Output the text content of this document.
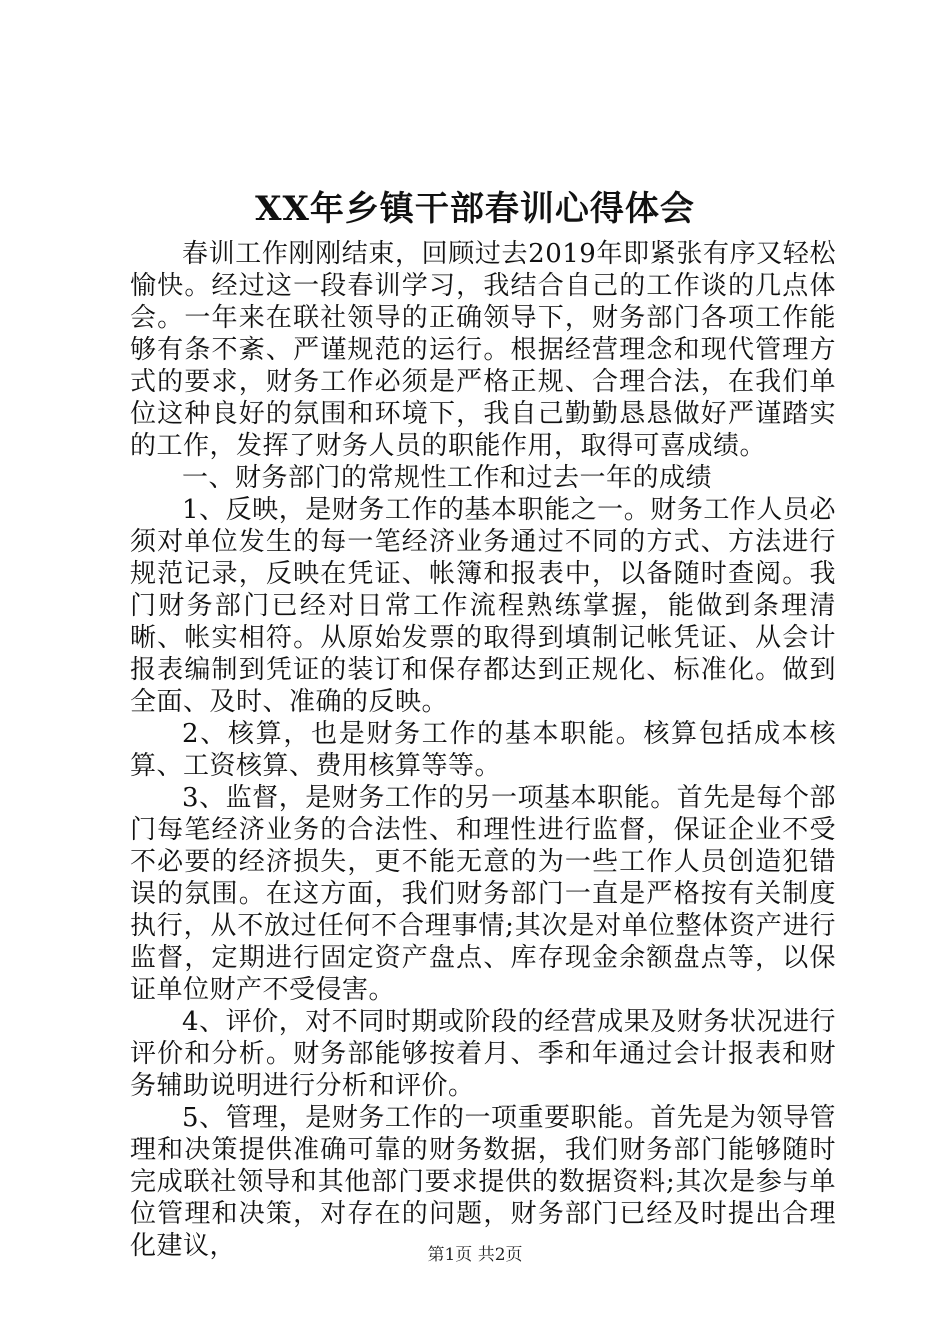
XX年乡镇干部春训心得体会

春训工作刚刚结束，回顾过去2019年即紧张有序又轻松愉快。经过这一段春训学习，我结合自己的工作谈的几点体会。一年来在联社领导的正确领导下，财务部门各项工作能够有条不紊、严谨规范的运行。根据经营理念和现代管理方式的要求，财务工作必须是严格正规、合理合法，在我们单位这种良好的氛围和环境下，我自己勤勤恳恳做好严谨踏实的工作，发挥了财务人员的职能作用，取得可喜成绩。

一、财务部门的常规性工作和过去一年的成绩

1、反映，是财务工作的基本职能之一。财务工作人员必须对单位发生的每一笔经济业务通过不同的方式、方法进行规范记录，反映在凭证、帐簿和报表中，以备随时查阅。我门财务部门已经对日常工作流程熟练掌握，能做到条理清晰、帐实相符。从原始发票的取得到填制记帐凭证、从会计报表编制到凭证的装订和保存都达到正规化、标准化。做到全面、及时、准确的反映。

2、核算，也是财务工作的基本职能。核算包括成本核算、工资核算、费用核算等等。

3、监督，是财务工作的另一项基本职能。首先是每个部门每笔经济业务的合法性、和理性进行监督，保证企业不受不必要的经济损失，更不能无意的为一些工作人员创造犯错误的氛围。在这方面，我们财务部门一直是严格按有关制度执行，从不放过任何不合理事情;其次是对单位整体资产进行监督，定期进行固定资产盘点、库存现金余额盘点等，以保证单位财产不受侵害。

4、评价，对不同时期或阶段的经营成果及财务状况进行评价和分析。财务部能够按着月、季和年通过会计报表和财务辅助说明进行分析和评价。

5、管理，是财务工作的一项重要职能。首先是为领导管理和决策提供准确可靠的财务数据，我们财务部门能够随时完成联社领导和其他部门要求提供的数据资料;其次是参与单位管理和决策，对存在的问题，财务部门已经及时提出合理化建议，	第1页 共2页
